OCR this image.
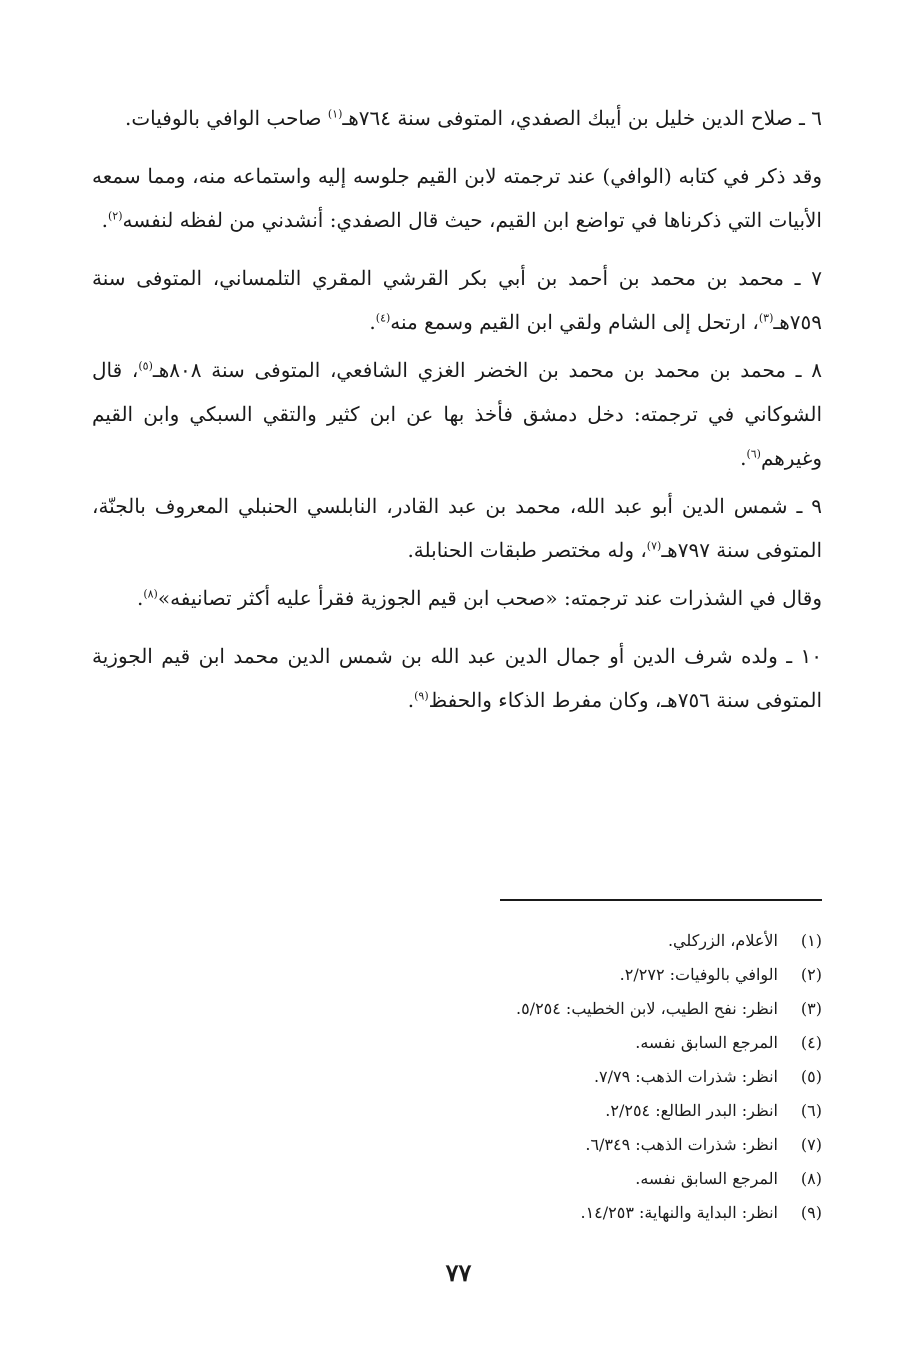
٦ ـ صلاح الدين خليل بن أيبك الصفدي، المتوفى سنة ٧٦٤هـ$^{(١)}$ صاحب الوافي بالوفيات.

وقد ذكر في كتابه (الوافي) عند ترجمته لابن القيم جلوسه إليه واستماعه منه، ومما سمعه الأبيات التي ذكرناها في تواضع ابن القيم، حيث قال الصفدي: أنشدني من لفظه لنفسه$^{(٢)}$.

٧ ـ محمد بن محمد بن أحمد بن أبي بكر القرشي المقري التلمساني، المتوفى سنة ٧٥٩هـ$^{(٣)}$، ارتحل إلى الشام ولقي ابن القيم وسمع منه$^{(٤)}$.

٨ ـ محمد بن محمد بن محمد بن الخضر الغزي الشافعي، المتوفى سنة ٨٠٨هـ$^{(٥)}$، قال الشوكاني في ترجمته: دخل دمشق فأخذ بها عن ابن كثير والتقي السبكي وابن القيم وغيرهم$^{(٦)}$.

٩ ـ شمس الدين أبو عبد الله، محمد بن عبد القادر، النابلسي الحنبلي المعروف بالجنّة، المتوفى سنة ٧٩٧هـ$^{(٧)}$، وله مختصر طبقات الحنابلة.

وقال في الشذرات عند ترجمته: «صحب ابن قيم الجوزية فقرأ عليه أكثر تصانيفه»$^{(٨)}$.

١٠ ـ ولده شرف الدين أو جمال الدين عبد الله بن شمس الدين محمد ابن قيم الجوزية المتوفى سنة ٧٥٦هـ، وكان مفرط الذكاء والحفظ$^{(٩)}$.

(١)الأعلام، الزركلي.
(٢)الوافي بالوفيات: ٢/٢٧٢.
(٣)انظر: نفح الطيب، لابن الخطيب: ٥/٢٥٤.
(٤)المرجع السابق نفسه.
(٥)انظر: شذرات الذهب: ٧/٧٩.
(٦)انظر: البدر الطالع: ٢/٢٥٤.
(٧)انظر: شذرات الذهب: ٦/٣٤٩.
(٨)المرجع السابق نفسه.
(٩)انظر: البداية والنهاية: ١٤/٢٥٣.
٧٧
